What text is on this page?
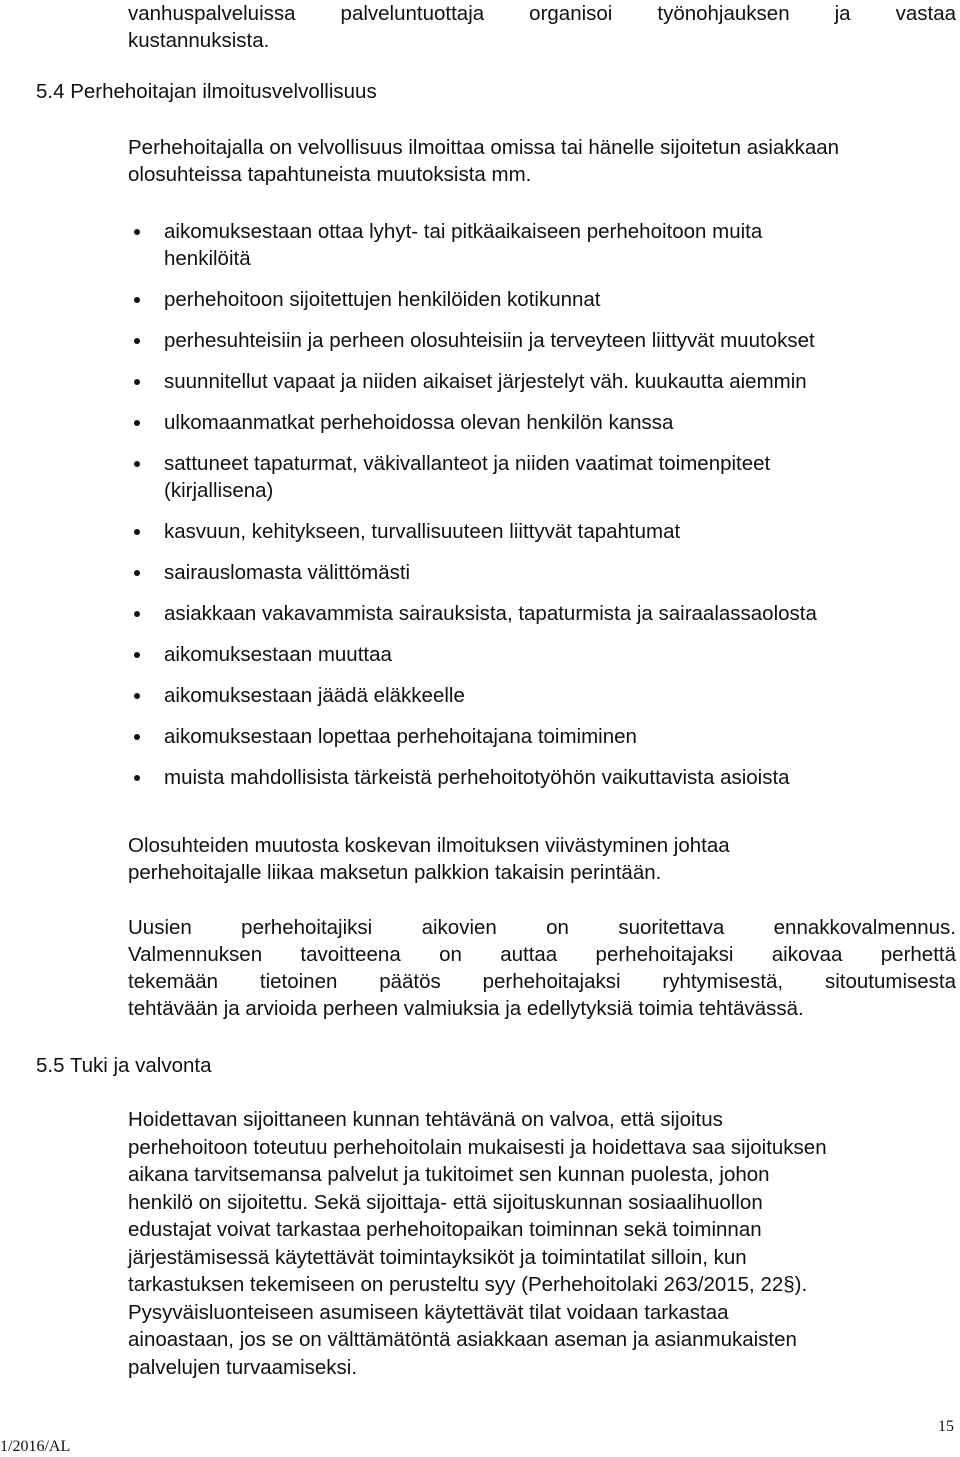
vanhuspalveluissa palveluntuottaja organisoi työnohjauksen ja vastaa
kustannuksista.
5.4 Perhehoitajan ilmoitusvelvollisuus
Perhehoitajalla on velvollisuus ilmoittaa omissa tai hänelle sijoitetun asiakkaan
olosuhteissa tapahtuneista muutoksista mm.
aikomuksestaan ottaa lyhyt- tai pitkäaikaiseen perhehoitoon muita
henkilöitä
perhehoitoon sijoitettujen henkilöiden kotikunnat
perhesuhteisiin ja perheen olosuhteisiin ja terveyteen liittyvät muutokset
suunnitellut vapaat ja niiden aikaiset järjestelyt väh. kuukautta aiemmin
ulkomaanmatkat perhehoidossa olevan henkilön kanssa
sattuneet tapaturmat, väkivallanteot ja niiden vaatimat toimenpiteet
(kirjallisena)
kasvuun, kehitykseen, turvallisuuteen liittyvät tapahtumat
sairauslomasta välittömästi
asiakkaan vakavammista sairauksista, tapaturmista ja sairaalassaolosta
aikomuksestaan muuttaa
aikomuksestaan jäädä eläkkeelle
aikomuksestaan lopettaa perhehoitajana toimiminen
muista mahdollisista tärkeistä perhehoitotyöhön vaikuttavista asioista
Olosuhteiden muutosta koskevan ilmoituksen viivästyminen johtaa
perhehoitajalle liikaa maksetun palkkion takaisin perintään.
Uusien perhehoitajiksi aikovien on suoritettava ennakkovalmennus.
Valmennuksen tavoitteena on auttaa perhehoitajaksi aikovaa perhettä
tekemään tietoinen päätös perhehoitajaksi ryhtymisestä, sitoutumisesta
tehtävään ja arvioida perheen valmiuksia ja edellytyksiä toimia tehtävässä.
5.5 Tuki ja valvonta
Hoidettavan sijoittaneen kunnan tehtävänä on valvoa, että sijoitus
perhehoitoon toteutuu perhehoitolain mukaisesti ja hoidettava saa sijoituksen
aikana tarvitsemansa palvelut ja tukitoimet sen kunnan puolesta, johon
henkilö on sijoitettu. Sekä sijoittaja- että sijoituskunnan sosiaalihuollon
edustajat voivat tarkastaa perhehoitopaikan toiminnan sekä toiminnan
järjestämisessä käytettävät toimintayksiköt ja toimintatilat silloin, kun
tarkastuksen tekemiseen on perusteltu syy (Perhehoitolaki 263/2015, 22§).
Pysyväisluonteiseen asumiseen käytettävät tilat voidaan tarkastaa
ainoastaan, jos se on välttämätöntä asiakkaan aseman ja asianmukaisten
palvelujen turvaamiseksi.
1/2016/AL
15
